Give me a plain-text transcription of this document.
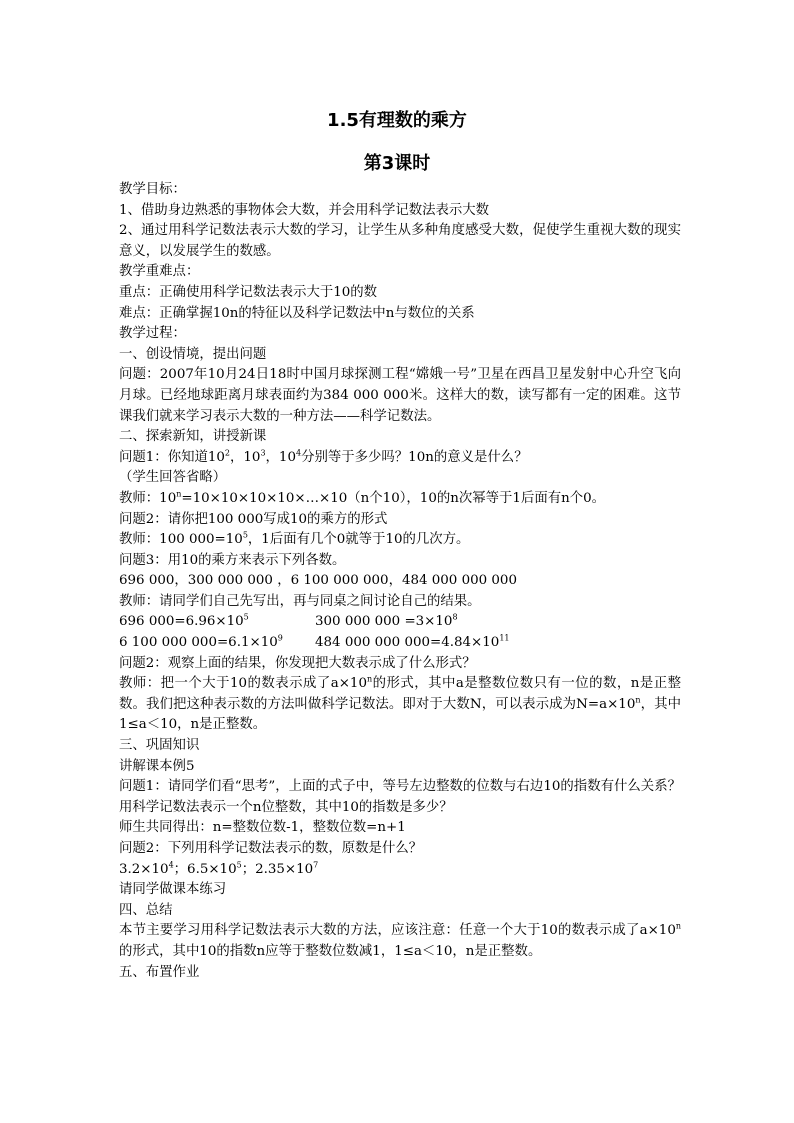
1.5有理数的乘方
第3课时
教学目标：
1、借助身边熟悉的事物体会大数，并会用科学记数法表示大数
2、通过用科学记数法表示大数的学习，让学生从多种角度感受大数，促使学生重视大数的现实意义，以发展学生的数感。
教学重难点：
重点：正确使用科学记数法表示大于10的数
难点：正确掌握10n的特征以及科学记数法中n与数位的关系
教学过程：
一、创设情境，提出问题
问题：2007年10月24日18时中国月球探测工程“嫦娥一号”卫星在西昌卫星发射中心升空飞向月球。已经地球距离月球表面约为384 000 000米。这样大的数，读写都有一定的困难。这节课我们就来学习表示大数的一种方法——科学记数法。
二、探索新知，讲授新课
问题1：你知道$10^2$，$10^3$，$10^4$分别等于多少吗？10n的意义是什么？
（学生回答省略）
教师：$10^n=10\times 10\times 10\times 10\times\dots\times 10(n$个10），10的n次幂等于1后面有n个0。
问题2：请你把100 000写成10的乘方的形式
教师：100 $000=10^5$，1后面有几个0就等于10的几次方。
问题3：用10的乘方来表示下列各数。
696 000，300 000 000 ，6 100 000 000，484 000 000 000
教师：请同学们自己先写出，再与同桌之间讨论自己的结果。
696 $000=6.96\times 10^5$	300 000 $000 =3\times 10^8$
6 100 000 $000=6.1\times 10^9$	484 000 000 $000=4.84\times 10^{11}$
问题2：观察上面的结果，你发现把大数表示成了什么形式？
教师：把一个大于10的数表示成了$a\times 10^n$的形式，其中a是整数位数只有一位的数，n是正整数。我们把这种表示数的方法叫做科学记数法。即对于大数N，可以表示成为$N=a\times 10^n$，其中1≤a＜10，n是正整数。
三、巩固知识
讲解课本例5
问题1：请同学们看“思考”，上面的式子中，等号左边整数的位数与右边10的指数有什么关系？用科学记数法表示一个n位整数，其中10的指数是多少？
师生共同得出：n=整数位数-1，整数位数=n+1
问题2：下列用科学记数法表示的数，原数是什么？
$3.2\times 10^4$；$6.5\times 10^5$；$2.35\times 10^7$
请同学做课本练习
四、总结
本节主要学习用科学记数法表示大数的方法，应该注意：任意一个大于10的数表示成了$a\times 10^n$的形式，其中10的指数n应等于整数位数减1，1≤a＜10，n是正整数。
五、布置作业
